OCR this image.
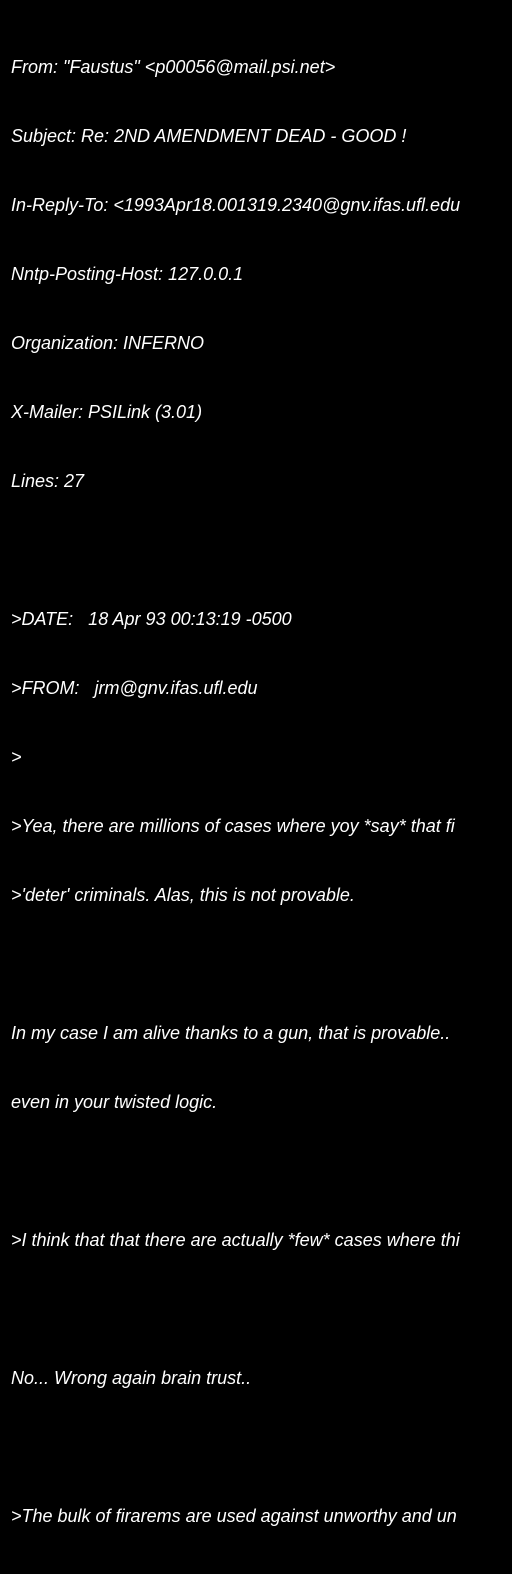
From: "Faustus" <p00056@mail.psi.net>

Subject: Re: 2ND AMENDMENT DEAD - GOOD !

In-Reply-To: <1993Apr18.001319.2340@gnv.ifas.ufl.edu

Nntp-Posting-Host: 127.0.0.1

Organization: INFERNO

X-Mailer: PSILink (3.01)

Lines: 27

>DATE:   18 Apr 93 00:13:19 -0500

>FROM:   jrm@gnv.ifas.ufl.edu

>

>Yea, there are millions of cases where yoy *say* that fi

>'deter' criminals. Alas, this is not provable.

In my case I am alive thanks to a gun, that is provable..

even in your twisted logic.

>I think that that there are actually *few* cases where thi

No... Wrong again brain trust..

>The bulk of firarems are used against unworthy and un
